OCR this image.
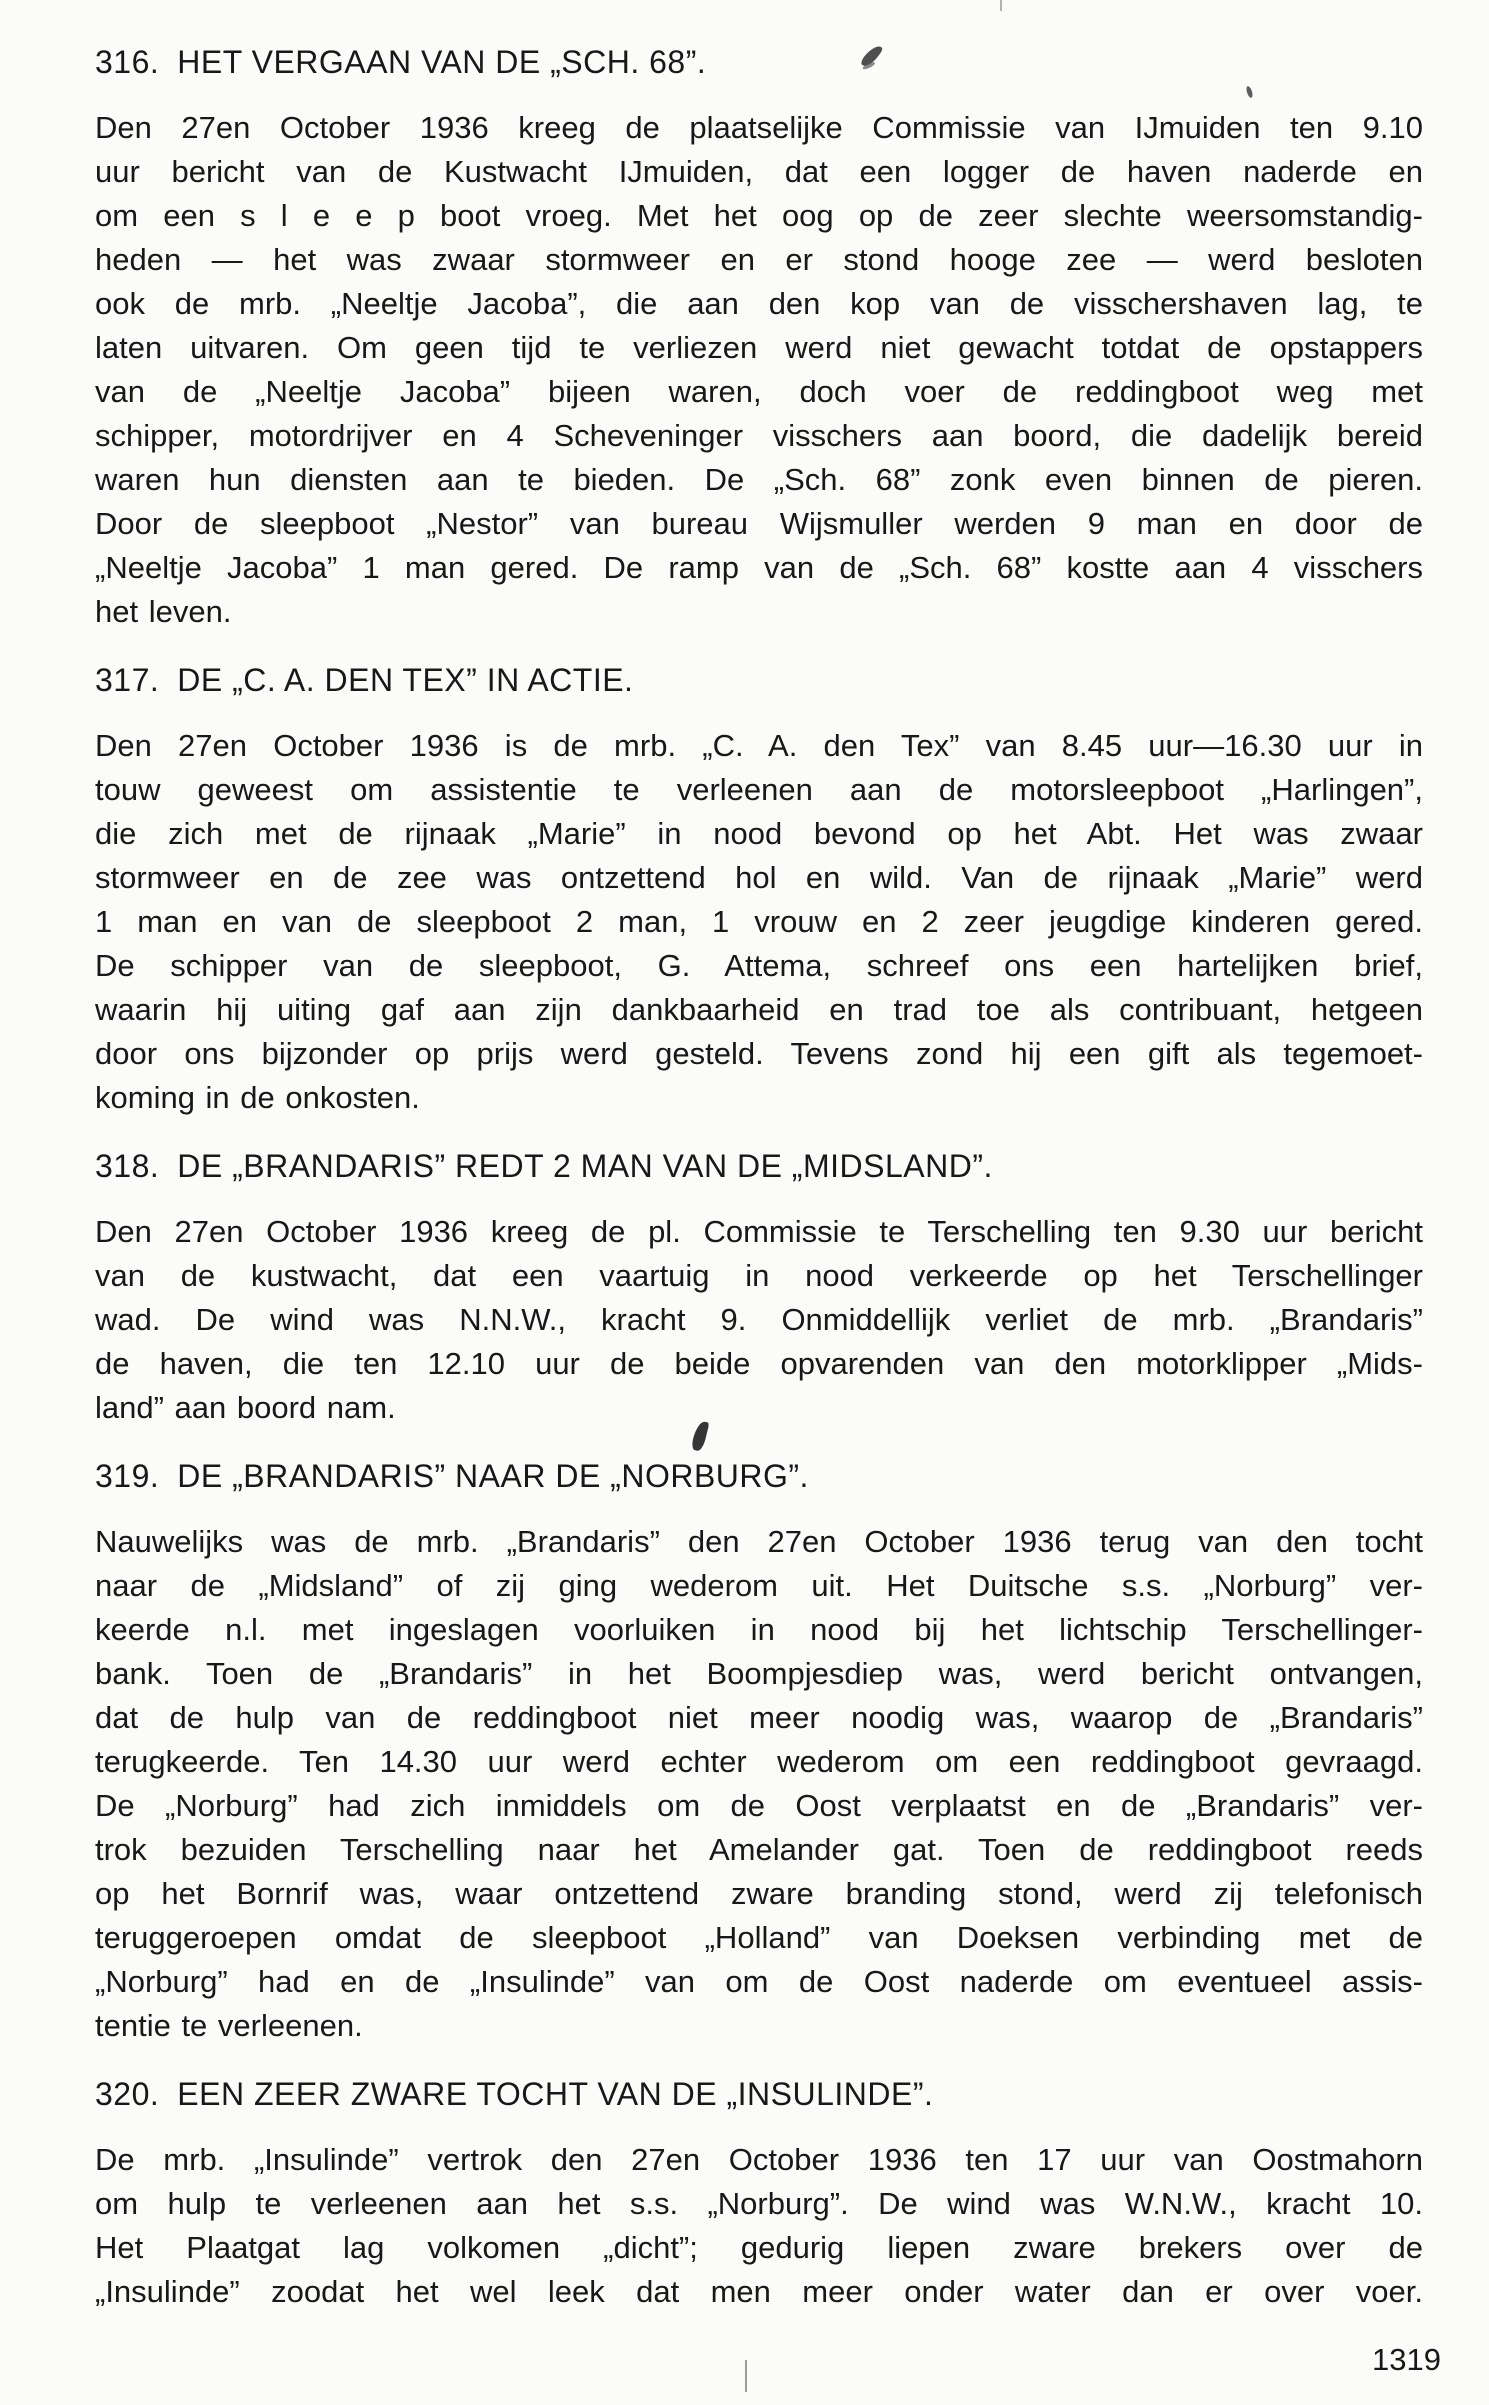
316. HET VERGAAN VAN DE „SCH. 68”.
Den 27en October 1936 kreeg de plaatselijke Commissie van IJmuiden ten 9.10
uur bericht van de Kustwacht IJmuiden, dat een logger de haven naderde en
om een s l e e p boot vroeg. Met het oog op de zeer slechte weersomstandig-
heden — het was zwaar stormweer en er stond hooge zee — werd besloten
ook de mrb. „Neeltje Jacoba”, die aan den kop van de visschershaven lag, te
laten uitvaren. Om geen tijd te verliezen werd niet gewacht totdat de opstappers
van de „Neeltje Jacoba” bijeen waren, doch voer de reddingboot weg met
schipper, motordrijver en 4 Scheveninger visschers aan boord, die dadelijk bereid
waren hun diensten aan te bieden. De „Sch. 68” zonk even binnen de pieren.
Door de sleepboot „Nestor” van bureau Wijsmuller werden 9 man en door de
„Neeltje Jacoba” 1 man gered. De ramp van de „Sch. 68” kostte aan 4 visschers
het leven.
317. DE „C. A. DEN TEX” IN ACTIE.
Den 27en October 1936 is de mrb. „C. A. den Tex” van 8.45 uur—16.30 uur in
touw geweest om assistentie te verleenen aan de motorsleepboot „Harlingen”,
die zich met de rijnaak „Marie” in nood bevond op het Abt. Het was zwaar
stormweer en de zee was ontzettend hol en wild. Van de rijnaak „Marie” werd
1 man en van de sleepboot 2 man, 1 vrouw en 2 zeer jeugdige kinderen gered.
De schipper van de sleepboot, G. Attema, schreef ons een hartelijken brief,
waarin hij uiting gaf aan zijn dankbaarheid en trad toe als contribuant, hetgeen
door ons bijzonder op prijs werd gesteld. Tevens zond hij een gift als tegemoet-
koming in de onkosten.
318. DE „BRANDARIS” REDT 2 MAN VAN DE „MIDSLAND”.
Den 27en October 1936 kreeg de pl. Commissie te Terschelling ten 9.30 uur bericht
van de kustwacht, dat een vaartuig in nood verkeerde op het Terschellinger
wad. De wind was N.N.W., kracht 9. Onmiddellijk verliet de mrb. „Brandaris”
de haven, die ten 12.10 uur de beide opvarenden van den motorklipper „Mids-
land” aan boord nam.
319. DE „BRANDARIS” NAAR DE „NORBURG”.
Nauwelijks was de mrb. „Brandaris” den 27en October 1936 terug van den tocht
naar de „Midsland” of zij ging wederom uit. Het Duitsche s.s. „Norburg” ver-
keerde n.l. met ingeslagen voorluiken in nood bij het lichtschip Terschellinger-
bank. Toen de „Brandaris” in het Boompjesdiep was, werd bericht ontvangen,
dat de hulp van de reddingboot niet meer noodig was, waarop de „Brandaris”
terugkeerde. Ten 14.30 uur werd echter wederom om een reddingboot gevraagd.
De „Norburg” had zich inmiddels om de Oost verplaatst en de „Brandaris” ver-
trok bezuiden Terschelling naar het Amelander gat. Toen de reddingboot reeds
op het Bornrif was, waar ontzettend zware branding stond, werd zij telefonisch
teruggeroepen omdat de sleepboot „Holland” van Doeksen verbinding met de
„Norburg” had en de „Insulinde” van om de Oost naderde om eventueel assis-
tentie te verleenen.
320. EEN ZEER ZWARE TOCHT VAN DE „INSULINDE”.
De mrb. „Insulinde” vertrok den 27en October 1936 ten 17 uur van Oostmahorn
om hulp te verleenen aan het s.s. „Norburg”. De wind was W.N.W., kracht 10.
Het Plaatgat lag volkomen „dicht”; gedurig liepen zware brekers over de
„Insulinde” zoodat het wel leek dat men meer onder water dan er over voer.
1319
